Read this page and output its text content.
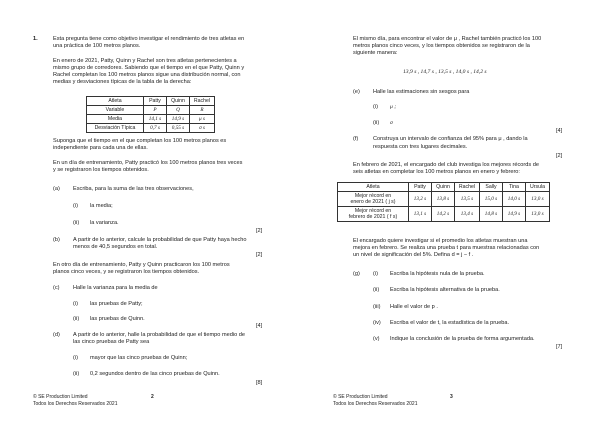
1.	Esta pregunta tiene como objetivo investigar el rendimiento de tres atletas en
una práctica de 100 metros planos.
En enero de 2021, Patty, Quinn y Rachel son tres atletas pertenecientes a
mismo grupo de corredores. Sabiendo que el tiempo en el que Patty, Quinn y
Rachel completan los 100 metros planos sigue una distribución normal, con
medias y desviaciones típicas de la tabla de la derecha:
Atleta	Patty	Quinn	Rachel
Variable	P	Q	R
Media	14,1 s	14,9 s	μ s
Desviación Típica	0,7 s	0,55 s	σ s
Suponga que el tiempo en el que completan los 100 metros planos es
independiente para cada una de ellas.
En un día de entrenamiento, Patty practicó los 100 metros planos tres veces
y se registraron los tiempos obtenidos.
(a) Escriba, para la suma de las tres observaciones,
(i) la media;
(ii) la varianza.
[2]
(b) A partir de lo anterior, calcule la probabilidad de que Patty haya hecho
menos de 40,5 segundos en total.
[2]
En otro día de entrenamiento, Patty y Quinn practicaron los 100 metros
planos cinco veces, y se registraron los tiempos obtenidos.
(c) Halle la varianza para la media de
(i) las pruebas de Patty;
(ii) las pruebas de Quinn.
[4]
(d) A partir de lo anterior, halle la probabilidad de que el tiempo medio de
las cinco pruebas de Patty sea
(i) mayor que las cinco pruebas de Quinn;
(ii) 0,2 segundos dentro de las cinco pruebas de Quinn.
[8]
© SE Production Limited
Todos los Derechos Reservados 2021
2
El mismo día, para encontrar el valor de μ , Rachel también practicó los 100
metros planos cinco veces, y los tiempos obtenidos se registraron de la
siguiente manera:
13,9 s , 14,7 s , 13,5 s , 14,0 s , 14,2 s
(e) Halle las estimaciones sin sesgos para
(i) μ ;
(ii) σ
[4]
(f)	Construya un intervalo de confianza del 95% para μ , dando la
respuesta con tres lugares decimales.
[2]
En febrero de 2021, el encargado del club investiga los mejores récords de
seis atletas en completar los 100 metros planos en enero y febrero:
Atleta	Patty	Quinn	Rachel	Sally	Tina	Ursula

Mejor récord en
enero de 2021 ( j s)	13,2 s	13,8 s	13,5 s	15,0 s	14,0 s	13,0 s

Mejor récord en
febrero de 2021 ( f s)	13,1 s	14,2 s	13,4 s	14,8 s	14,9 s	13,0 s
El encargado quiere investigar si el promedio los atletas muestran una
mejora en febrero. Se realiza una prueba t para muestras relacionadas con
un nivel de significación del 5%. Defina d = j − f .
(g) (i) Escriba la hipótesis nula de la prueba.
(ii) Escriba la hipótesis alternativa de la prueba.
(iii) Halle el valor de p .
(iv) Escriba el valor de t, la estadística de la prueba.
(v) Indique la conclusión de la prueba de forma argumentada.
[7]
© SE Production Limited
Todos los Derechos Reservados 2021
3
